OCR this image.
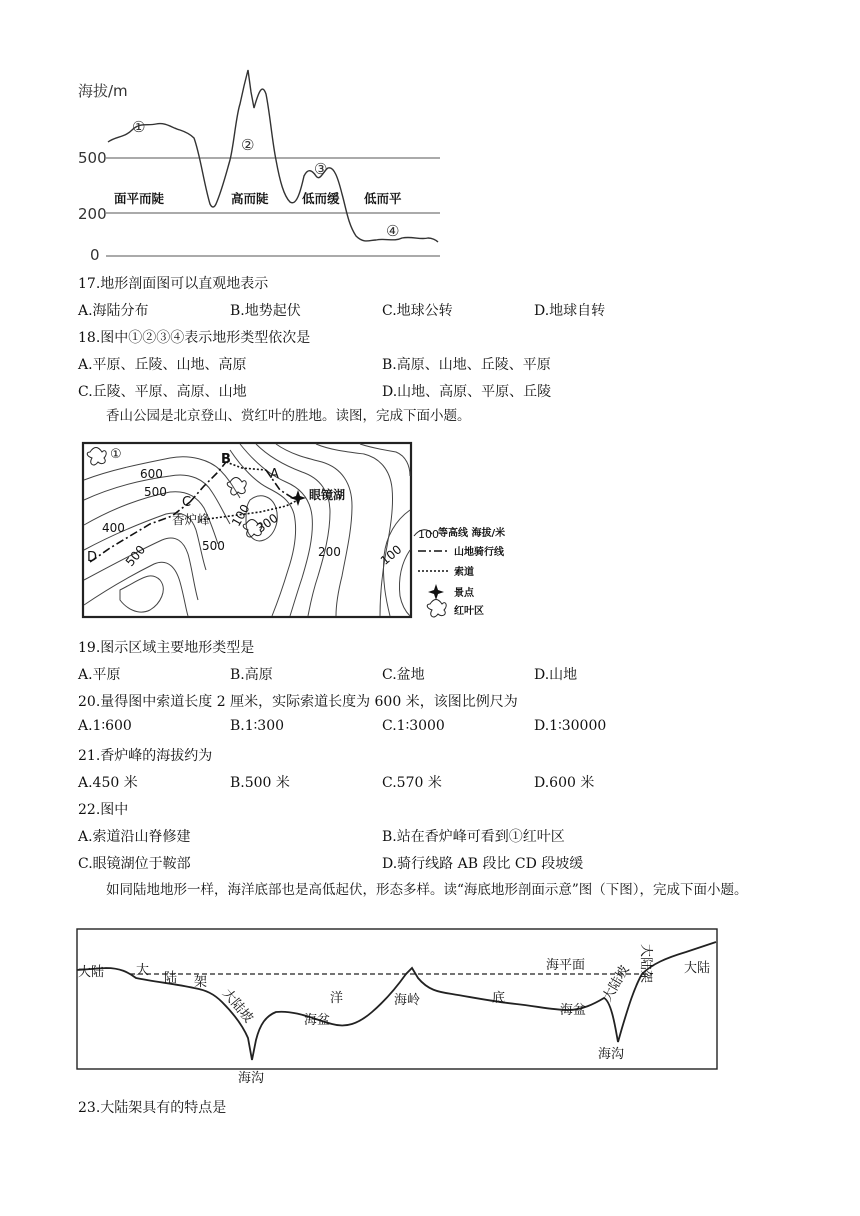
海拔/m
500
200
0
①
②
③
④
面平而陡	高而陡	低而缓 低而平
17.地形剖面图可以直观地表示
A.海陆分布	B.地势起伏	C.地球公转	D.地球自转
18.图中①②③④表示地形类型依次是
A.平原、丘陵、山地、高原	B.高原、山地、丘陵、平原
C.丘陵、平原、高原、山地	D.山地、高原、平原、丘陵
香山公园是北京登山、赏红叶的胜地。读图，完成下面小题。
B
A
C
D
眼镜湖
香炉峰
①
600
500
400	100 300
500
500	200	100
100 等高线 海拔/米
山地骑行线
索道
景点
红叶区
19.图示区域主要地形类型是
A.平原	B.高原	C.盆地	D.山地
20.量得图中索道长度 2 厘米，实际索道长度为 600 米，该图比例尺为
A.1∶600	B.1∶300	C.1∶3000	D.1∶30000
21.香炉峰的海拔约为
A.450 米	B.500 米	C.570 米	D.600 米
22.图中
A.索道沿山脊修建	B.站在香炉峰可看到①红叶区
C.眼镜湖位于鞍部	D.骑行线路 AB 段比 CD 段坡缓
如同陆地地形一样，海洋底部也是高低起伏，形态多样。读“海底地形剖面示意”图（下图），完成下面小题。
大陆 大
陆 架
大陆坡
海沟
海盆
洋	海岭	底
海平面
海盆
大陆坡
海沟
大陆架 大陆
23.大陆架具有的特点是
